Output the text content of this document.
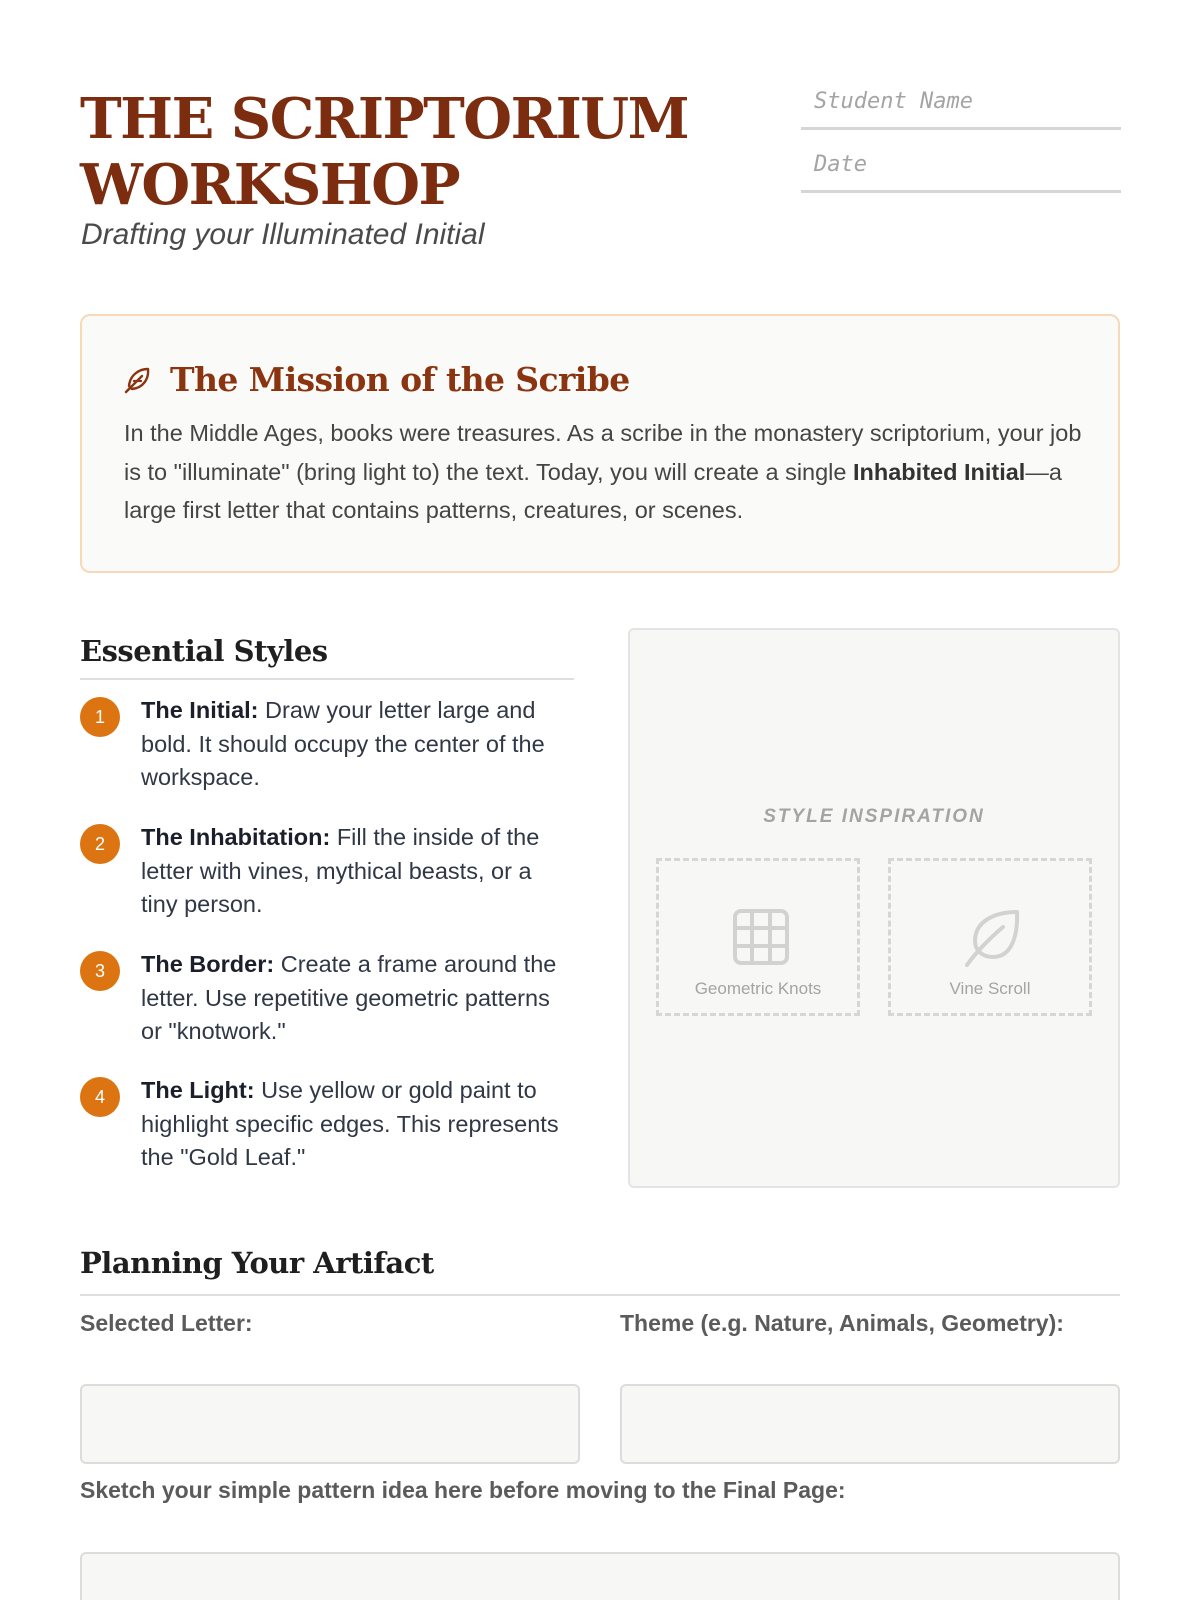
THE SCRIPTORIUM
WORKSHOP
Drafting your Illuminated Initial
Student Name
Date
The Mission of the Scribe
In the Middle Ages, books were treasures. As a scribe in the monastery scriptorium, your job is to "illuminate" (bring light to) the text. Today, you will create a single Inhabited Initial—a large first letter that contains patterns, creatures, or scenes.
Essential Styles
1	The Initial: Draw your letter large and bold. It should occupy the center of the workspace.
2	The Inhabitation: Fill the inside of the letter with vines, mythical beasts, or a tiny person.
3	The Border: Create a frame around the letter. Use repetitive geometric patterns or "knotwork."
4	The Light: Use yellow or gold paint to highlight specific edges. This represents the "Gold Leaf."
STYLE INSPIRATION
Geometric Knots	Vine Scroll
Planning Your Artifact
Selected Letter:	Theme (e.g. Nature, Animals, Geometry):
Sketch your simple pattern idea here before moving to the Final Page:
